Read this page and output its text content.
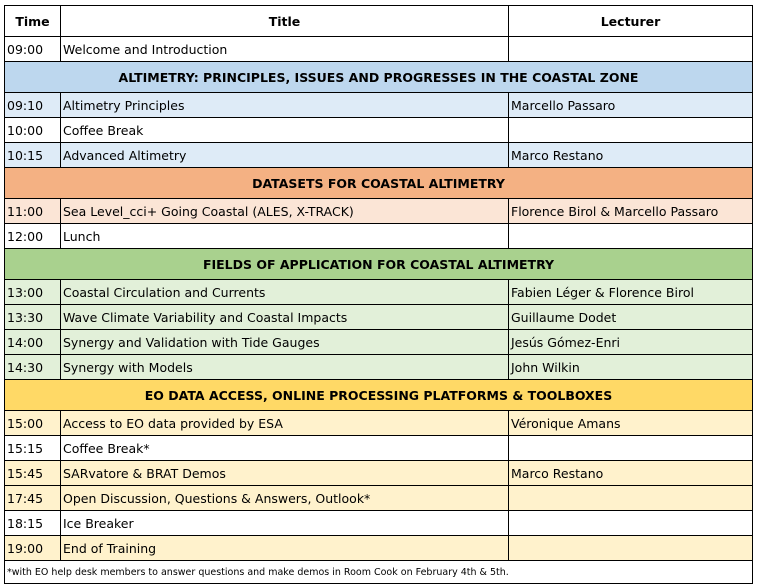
Time	Title	Lecturer
09:00	Welcome and Introduction	
ALTIMETRY: PRINCIPLES, ISSUES AND PROGRESSES IN THE COASTAL ZONE		
09:10	Altimetry Principles	Marcello Passaro
10:00	Coffee Break	
10:15	Advanced Altimetry	Marco Restano
DATASETS FOR COASTAL ALTIMETRY		
11:00	Sea Level_cci+ Going Coastal (ALES, X-TRACK)	Florence Birol & Marcello Passaro
12:00	Lunch	
FIELDS OF APPLICATION FOR COASTAL ALTIMETRY		
13:00	Coastal Circulation and Currents	Fabien Léger & Florence Birol
13:30	Wave Climate Variability and Coastal Impacts	Guillaume Dodet
14:00	Synergy and Validation with Tide Gauges	Jesús Gómez-Enri
14:30	Synergy with Models	John Wilkin
EO DATA ACCESS, ONLINE PROCESSING PLATFORMS & TOOLBOXES		
15:00	Access to EO data provided by ESA	Véronique Amans
15:15	Coffee Break*	
15:45	SARvatore & BRAT Demos	Marco Restano
17:45	Open Discussion, Questions & Answers, Outlook*	
18:15	Ice Breaker	
19:00	End of Training	
*with EO help desk members to answer questions and make demos in Room Cook on February 4th & 5th.		
